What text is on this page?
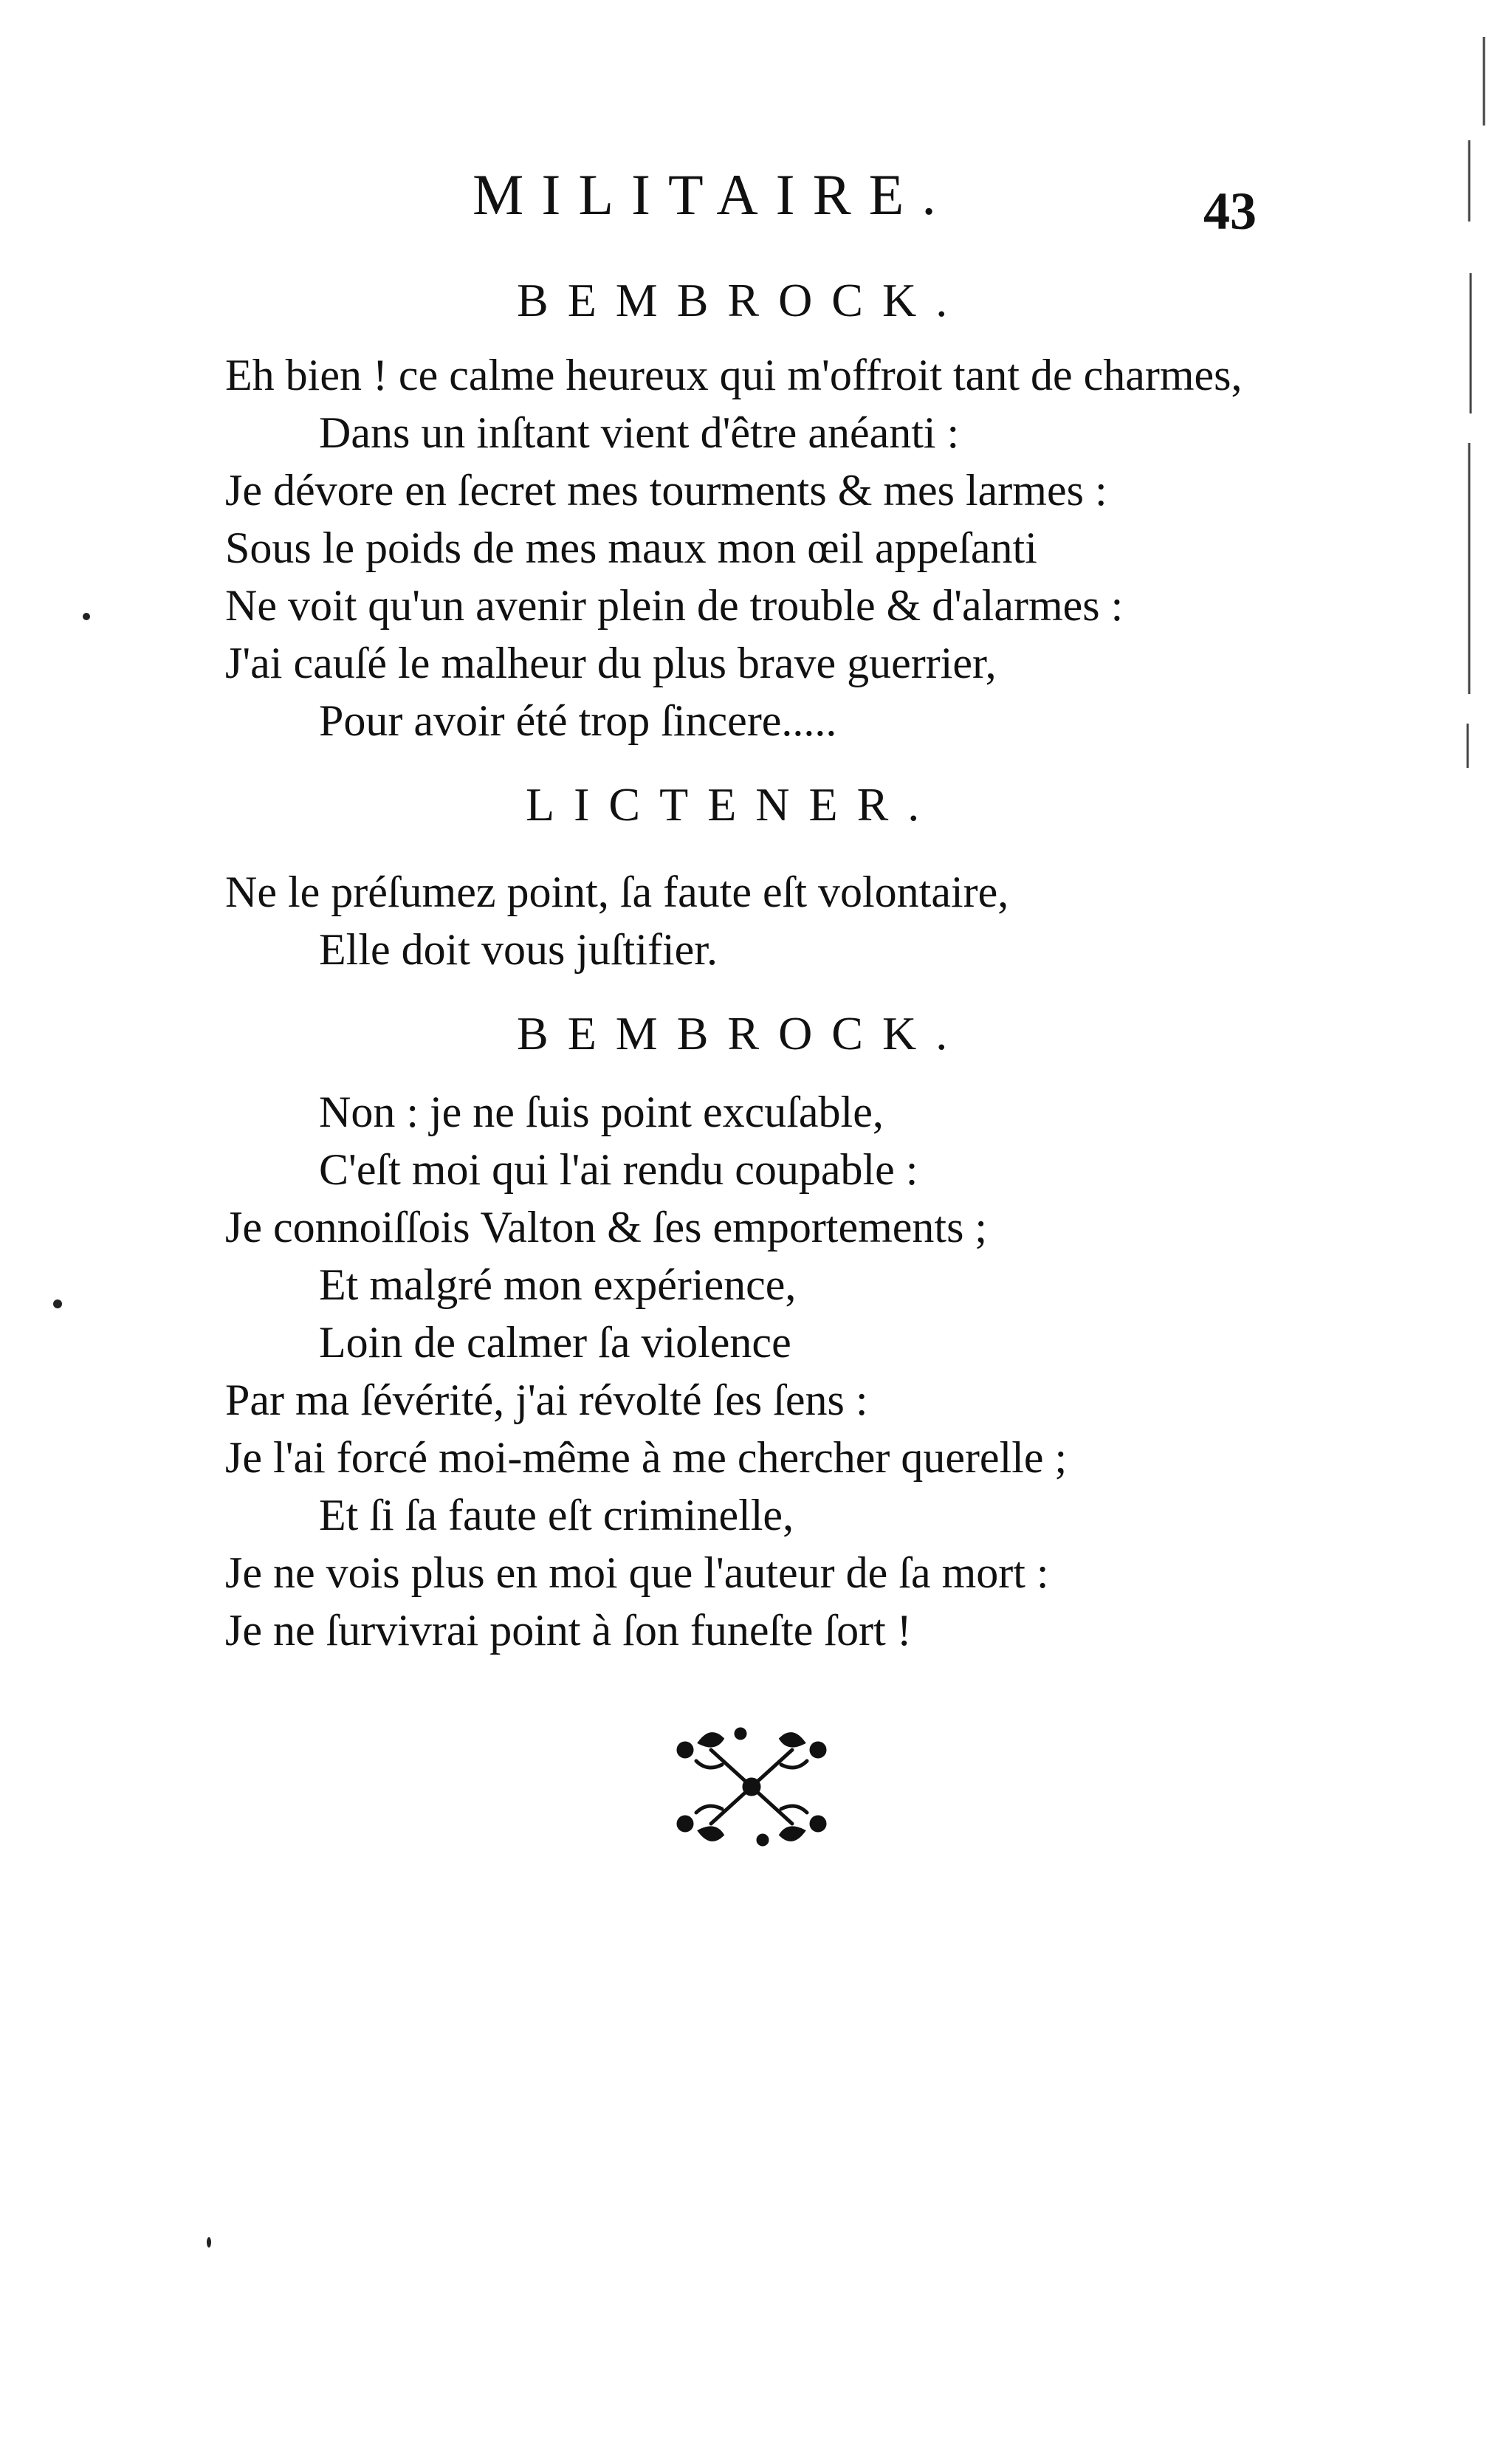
MILITAIRE.	43
BEMBROCK.
Eh bien ! ce calme heureux qui m'offroit tant de charmes,
Dans un inſtant vient d'être anéanti :
Je dévore en ſecret mes tourments & mes larmes :
Sous le poids de mes maux mon œil appeſanti
Ne voit qu'un avenir plein de trouble & d'alarmes :
J'ai cauſé le malheur du plus brave guerrier,
Pour avoir été trop ſincere.....
LICTENER.
Ne le préſumez point, ſa faute eſt volontaire,
Elle doit vous juſtifier.
BEMBROCK.
Non : je ne ſuis point excuſable,
C'eſt moi qui l'ai rendu coupable :
Je connoiſſois Valton & ſes emportements ;
Et malgré mon expérience,
Loin de calmer ſa violence
Par ma ſévérité, j'ai révolté ſes ſens :
Je l'ai forcé moi-même à me chercher querelle ;
Et ſi ſa faute eſt criminelle,
Je ne vois plus en moi que l'auteur de ſa mort :
Je ne ſurvivrai point à ſon funeſte ſort !
